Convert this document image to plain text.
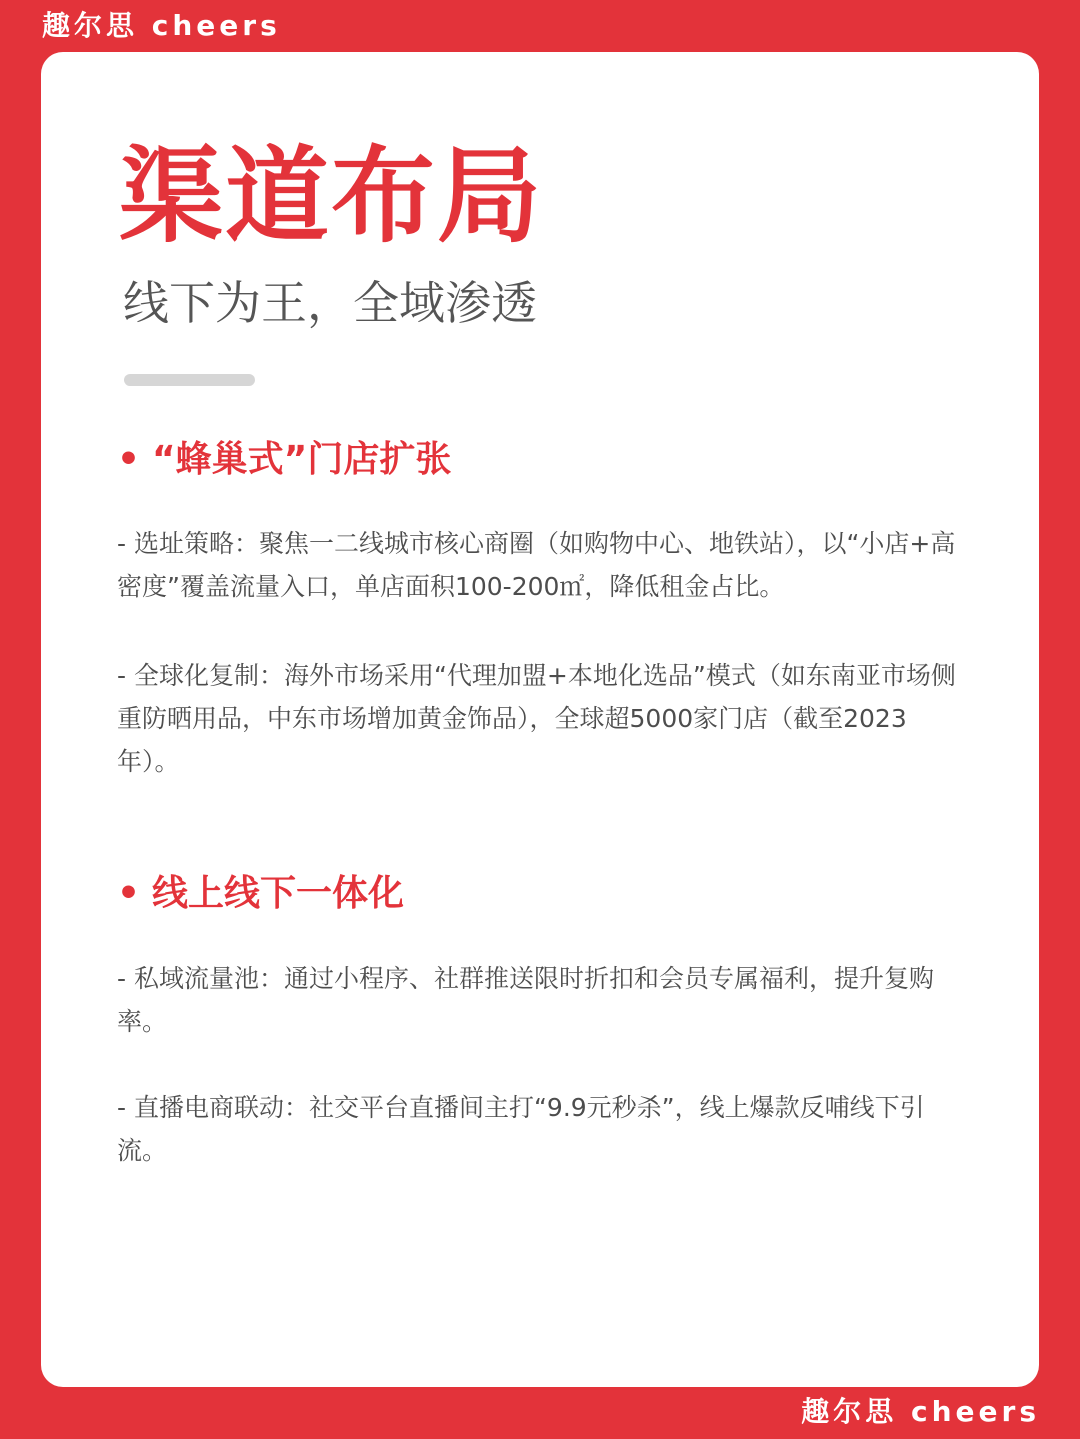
趣尔思 cheers
渠道布局
线下为王，全域渗透
• “蜂巢式”门店扩张

- 选址策略：聚焦一二线城市核心商圈（如购物中心、地铁站），以“小店+高密度”覆盖流量入口，单店面积100-200㎡，降低租金占比。

- 全球化复制：海外市场采用“代理加盟+本地化选品”模式（如东南亚市场侧重防晒用品，中东市场增加黄金饰品），全球超5000家门店（截至2023年）。

• 线上线下一体化

- 私域流量池：通过小程序、社群推送限时折扣和会员专属福利，提升复购率。

- 直播电商联动：社交平台直播间主打“9.9元秒杀”，线上爆款反哺线下引流。

趣尔思 cheers
